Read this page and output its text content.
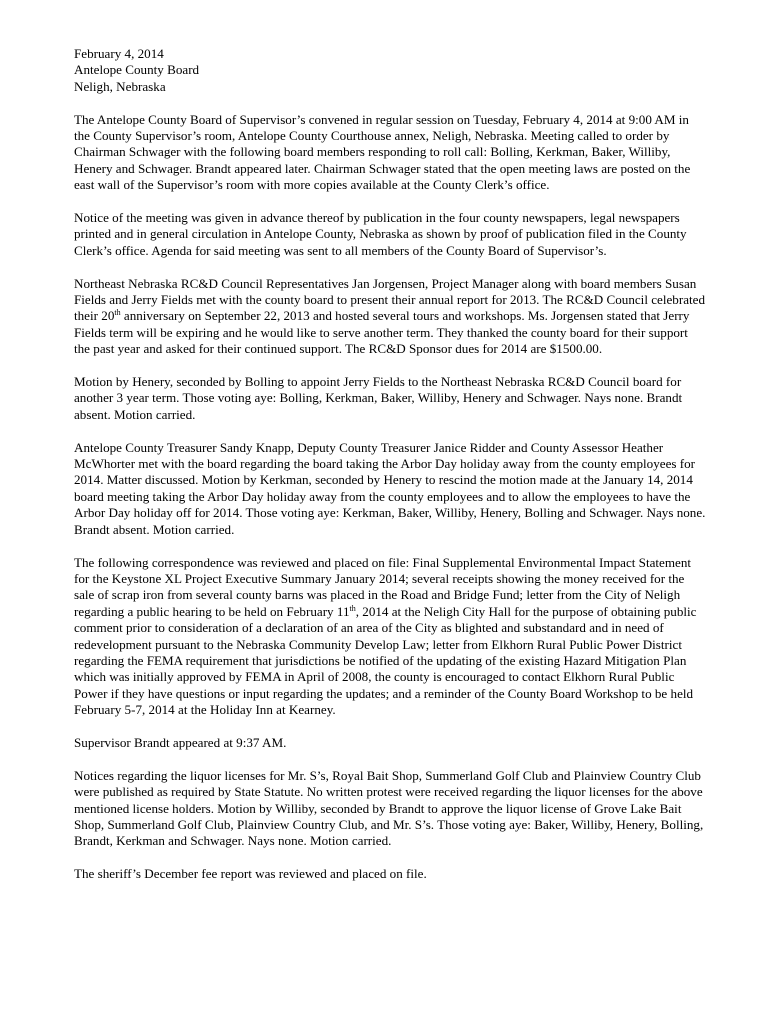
February 4, 2014
Antelope County Board
Neligh, Nebraska

The Antelope County Board of Supervisor’s convened in regular session on Tuesday, February 4, 2014 at 9:00 AM in the County Supervisor’s room, Antelope County Courthouse annex, Neligh, Nebraska. Meeting called to order by Chairman Schwager with the following board members responding to roll call: Bolling, Kerkman, Baker, Williby, Henery and Schwager. Brandt appeared later. Chairman Schwager stated that the open meeting laws are posted on the east wall of the Supervisor’s room with more copies available at the County Clerk’s office.

Notice of the meeting was given in advance thereof by publication in the four county newspapers, legal newspapers printed and in general circulation in Antelope County, Nebraska as shown by proof of publication filed in the County Clerk’s office. Agenda for said meeting was sent to all members of the County Board of Supervisor’s.

Northeast Nebraska RC&D Council Representatives Jan Jorgensen, Project Manager along with board members Susan Fields and Jerry Fields met with the county board to present their annual report for 2013. The RC&D Council celebrated their 20th anniversary on September 22, 2013 and hosted several tours and workshops. Ms. Jorgensen stated that Jerry Fields term will be expiring and he would like to serve another term. They thanked the county board for their support the past year and asked for their continued support. The RC&D Sponsor dues for 2014 are $1500.00.

Motion by Henery, seconded by Bolling to appoint Jerry Fields to the Northeast Nebraska RC&D Council board for another 3 year term. Those voting aye: Bolling, Kerkman, Baker, Williby, Henery and Schwager. Nays none. Brandt absent. Motion carried.

Antelope County Treasurer Sandy Knapp, Deputy County Treasurer Janice Ridder and County Assessor Heather McWhorter met with the board regarding the board taking the Arbor Day holiday away from the county employees for 2014. Matter discussed. Motion by Kerkman, seconded by Henery to rescind the motion made at the January 14, 2014 board meeting taking the Arbor Day holiday away from the county employees and to allow the employees to have the Arbor Day holiday off for 2014. Those voting aye: Kerkman, Baker, Williby, Henery, Bolling and Schwager. Nays none. Brandt absent. Motion carried.

The following correspondence was reviewed and placed on file: Final Supplemental Environmental Impact Statement for the Keystone XL Project Executive Summary January 2014; several receipts showing the money received for the sale of scrap iron from several county barns was placed in the Road and Bridge Fund; letter from the City of Neligh regarding a public hearing to be held on February 11th, 2014 at the Neligh City Hall for the purpose of obtaining public comment prior to consideration of a declaration of an area of the City as blighted and substandard and in need of redevelopment pursuant to the Nebraska Community Develop Law; letter from Elkhorn Rural Public Power District regarding the FEMA requirement that jurisdictions be notified of the updating of the existing Hazard Mitigation Plan which was initially approved by FEMA in April of 2008, the county is encouraged to contact Elkhorn Rural Public Power if they have questions or input regarding the updates; and a reminder of the County Board Workshop to be held February 5-7, 2014 at the Holiday Inn at Kearney.

Supervisor Brandt appeared at 9:37 AM.

Notices regarding the liquor licenses for Mr. S’s, Royal Bait Shop, Summerland Golf Club and Plainview Country Club were published as required by State Statute. No written protest were received regarding the liquor licenses for the above mentioned license holders. Motion by Williby, seconded by Brandt to approve the liquor license of Grove Lake Bait Shop, Summerland Golf Club, Plainview Country Club, and Mr. S’s. Those voting aye: Baker, Williby, Henery, Bolling, Brandt, Kerkman and Schwager. Nays none. Motion carried.

The sheriff’s December fee report was reviewed and placed on file.
